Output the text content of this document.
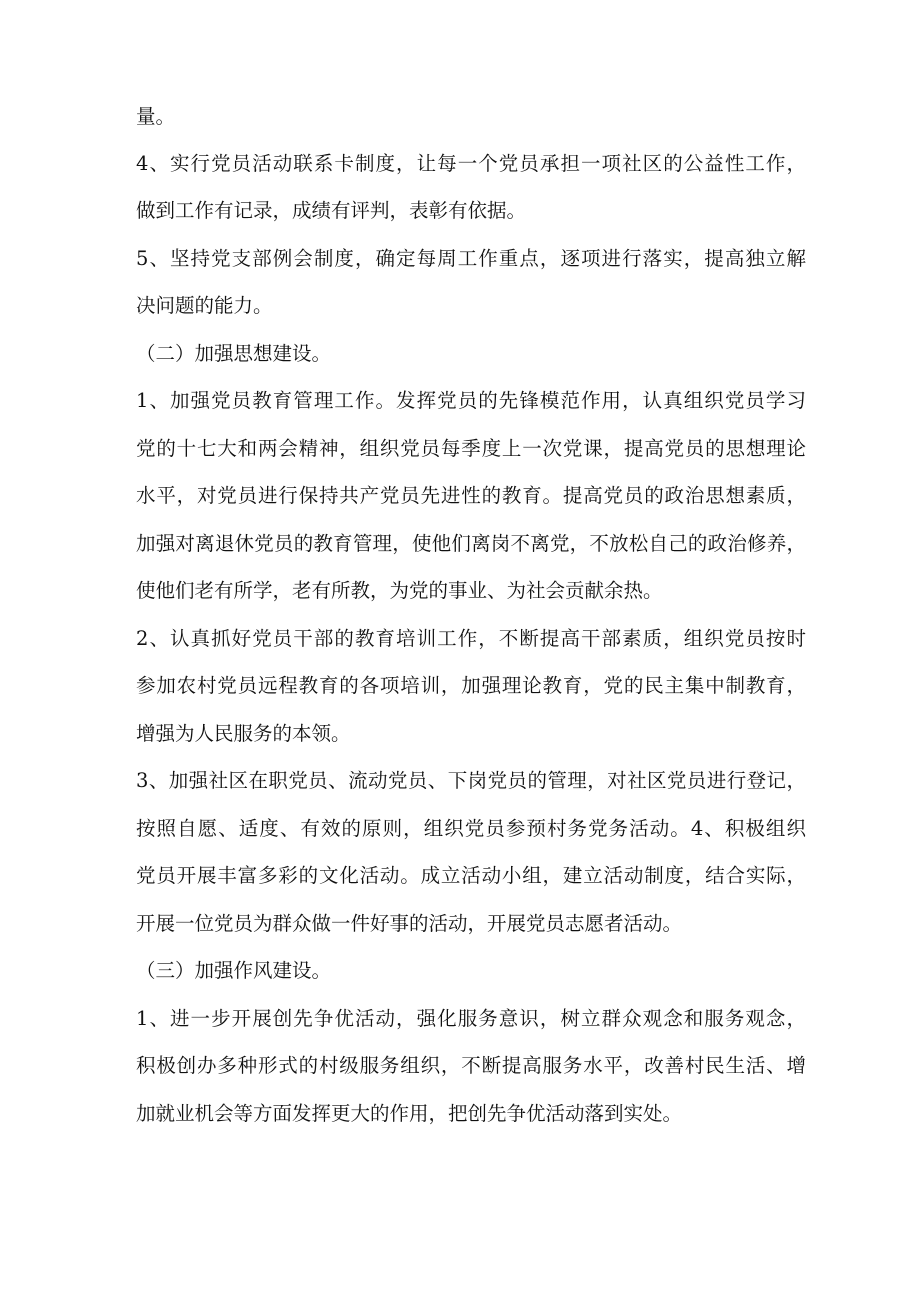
量。

4、实行党员活动联系卡制度，让每一个党员承担一项社区的公益性工作，

做到工作有记录，成绩有评判，表彰有依据。

5、坚持党支部例会制度，确定每周工作重点，逐项进行落实，提高独立解

决问题的能力。

（二）加强思想建设。

1、加强党员教育管理工作。发挥党员的先锋模范作用，认真组织党员学习

党的十七大和两会精神，组织党员每季度上一次党课，提高党员的思想理论

水平，对党员进行保持共产党员先进性的教育。提高党员的政治思想素质，

加强对离退休党员的教育管理，使他们离岗不离党，不放松自己的政治修养，

使他们老有所学，老有所教，为党的事业、为社会贡献余热。

2、认真抓好党员干部的教育培训工作，不断提高干部素质，组织党员按时

参加农村党员远程教育的各项培训，加强理论教育，党的民主集中制教育，

增强为人民服务的本领。

3、加强社区在职党员、流动党员、下岗党员的管理，对社区党员进行登记，

按照自愿、适度、有效的原则，组织党员参预村务党务活动。4、积极组织

党员开展丰富多彩的文化活动。成立活动小组，建立活动制度，结合实际，

开展一位党员为群众做一件好事的活动，开展党员志愿者活动。

（三）加强作风建设。

1、进一步开展创先争优活动，强化服务意识，树立群众观念和服务观念，

积极创办多种形式的村级服务组织，不断提高服务水平，改善村民生活、增

加就业机会等方面发挥更大的作用，把创先争优活动落到实处。
